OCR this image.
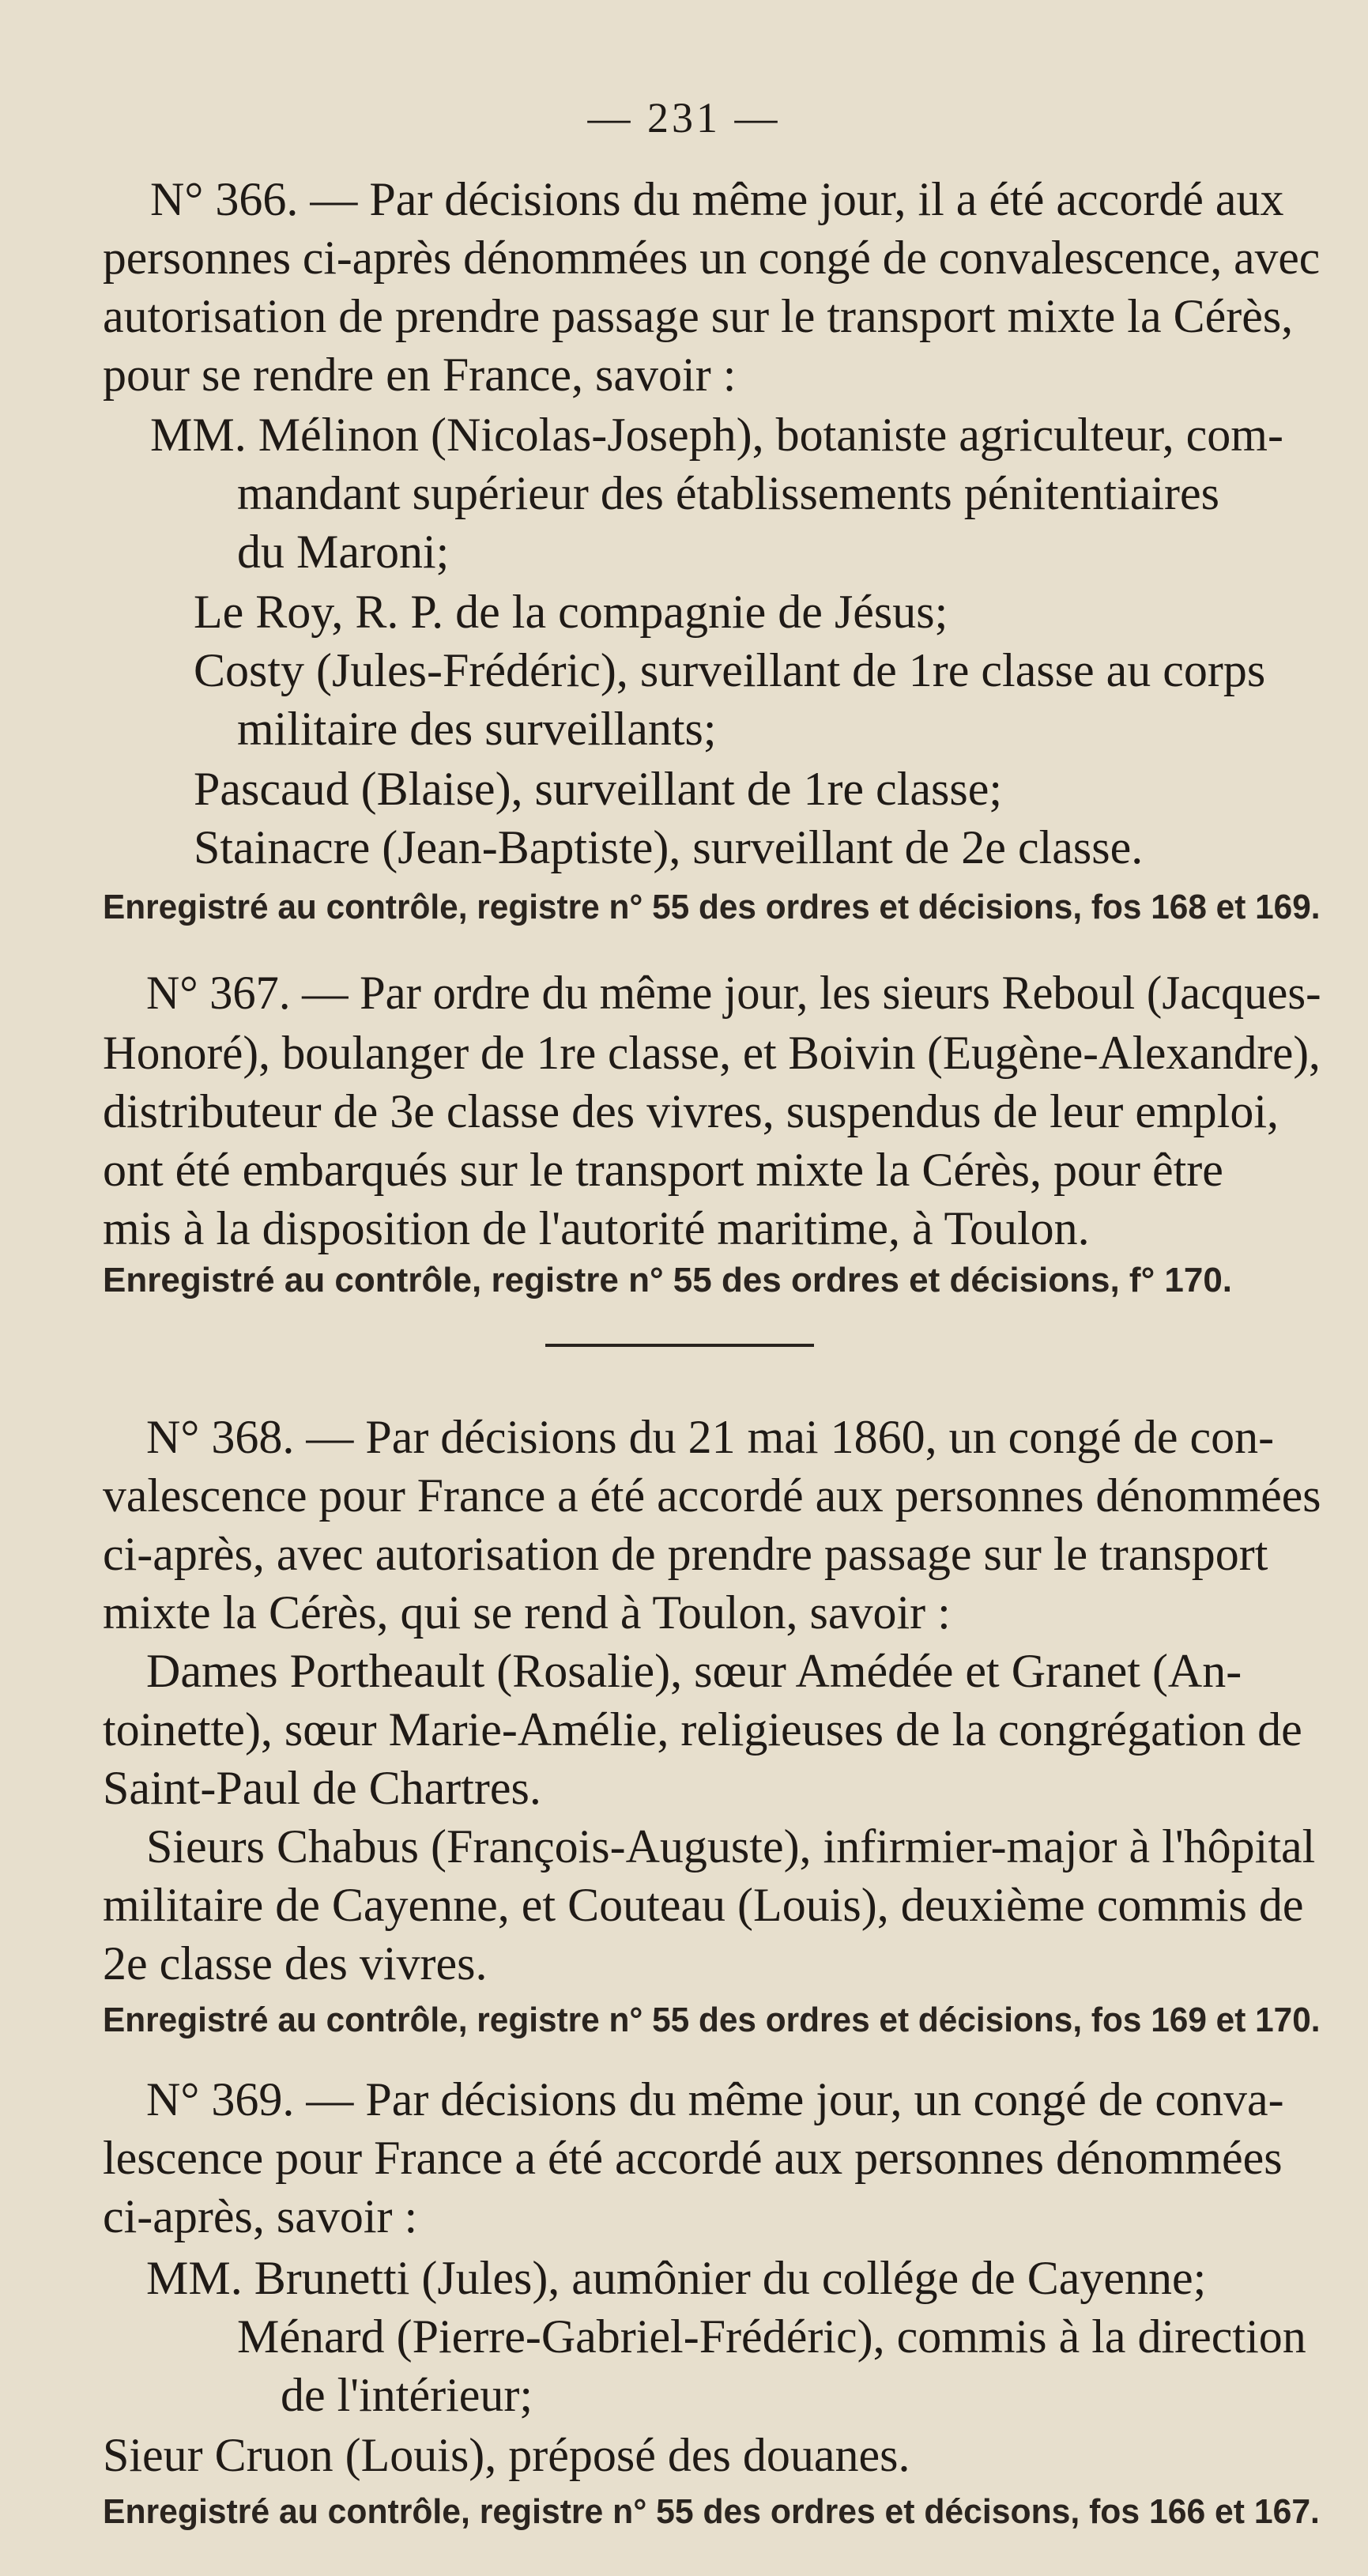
— 231 —
N° 366. — Par décisions du même jour, il a été accordé aux
personnes ci-après dénommées un congé de convalescence, avec
autorisation de prendre passage sur le transport mixte la Cérès,
pour se rendre en France, savoir :
MM. Mélinon (Nicolas-Joseph), botaniste agriculteur, com-
mandant supérieur des établissements pénitentiaires
du Maroni;
Le Roy, R. P. de la compagnie de Jésus;
Costy (Jules-Frédéric), surveillant de 1re classe au corps
militaire des surveillants;
Pascaud (Blaise), surveillant de 1re classe;
Stainacre (Jean-Baptiste), surveillant de 2e classe.
Enregistré au contrôle, registre n° 55 des ordres et décisions, fos 168 et 169.
N° 367. — Par ordre du même jour, les sieurs Reboul (Jacques-
Honoré), boulanger de 1re classe, et Boivin (Eugène-Alexandre),
distributeur de 3e classe des vivres, suspendus de leur emploi,
ont été embarqués sur le transport mixte la Cérès, pour être
mis à la disposition de l'autorité maritime, à Toulon.
Enregistré au contrôle, registre n° 55 des ordres et décisions, f° 170.
N° 368. — Par décisions du 21 mai 1860, un congé de con-
valescence pour France a été accordé aux personnes dénommées
ci-après, avec autorisation de prendre passage sur le transport
mixte la Cérès, qui se rend à Toulon, savoir :
Dames Portheault (Rosalie), sœur Amédée et Granet (An-
toinette), sœur Marie-Amélie, religieuses de la congrégation de
Saint-Paul de Chartres.
Sieurs Chabus (François-Auguste), infirmier-major à l'hôpital
militaire de Cayenne, et Couteau (Louis), deuxième commis de
2e classe des vivres.
Enregistré au contrôle, registre n° 55 des ordres et décisions, fos 169 et 170.
N° 369. — Par décisions du même jour, un congé de conva-
lescence pour France a été accordé aux personnes dénommées
ci-après, savoir :
MM. Brunetti (Jules), aumônier du collége de Cayenne;
Ménard (Pierre-Gabriel-Frédéric), commis à la direction
de l'intérieur;
Sieur Cruon (Louis), préposé des douanes.
Enregistré au contrôle, registre n° 55 des ordres et décisons, fos 166 et 167.
